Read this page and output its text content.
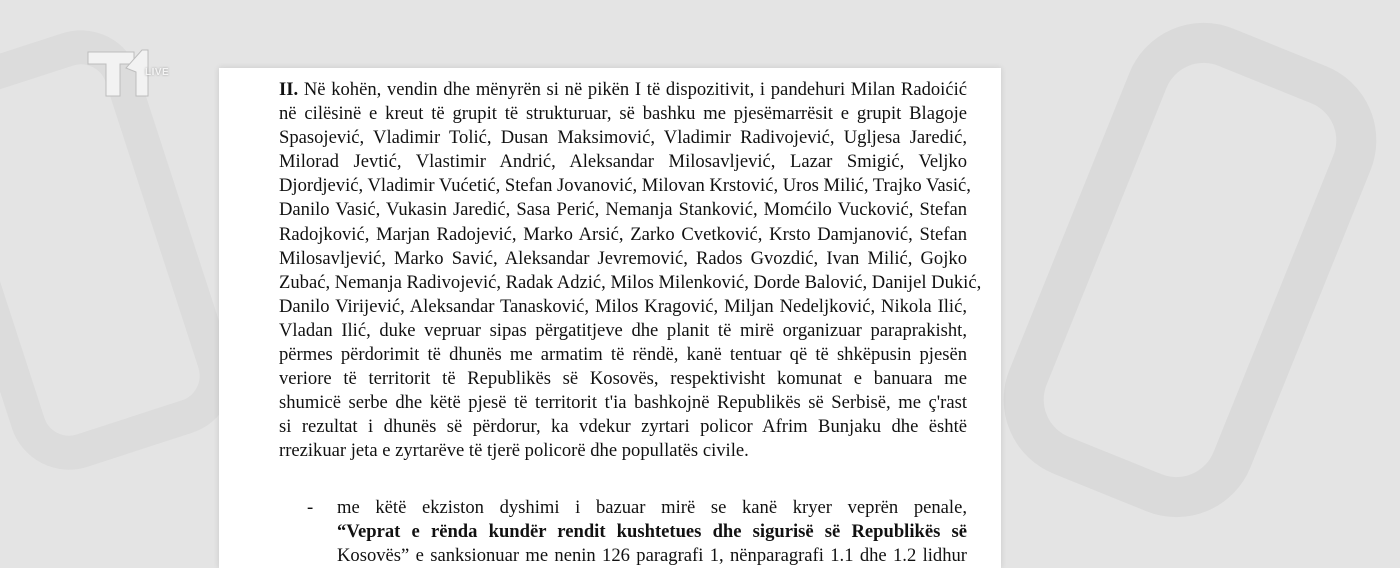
LIVE
II. Në kohën, vendin dhe mënyrën si në pikën I të dispozitivit, i pandehuri Milan Radoićić
në cilësinë e kreut të grupit të strukturuar, së bashku me pjesëmarrësit e grupit Blagoje
Spasojević, Vladimir Tolić, Dusan Maksimović, Vladimir Radivojević, Ugljesa Jaredić,
Milorad Jevtić, Vlastimir Andrić, Aleksandar Milosavljević, Lazar Smigić, Veljko
Djordjević, Vladimir Vućetić, Stefan Jovanović, Milovan Krstović, Uros Milić, Trajko Vasić,
Danilo Vasić, Vukasin Jaredić, Sasa Perić, Nemanja Stanković, Momćilo Vucković, Stefan
Radojković, Marjan Radojević, Marko Arsić, Zarko Cvetković, Krsto Damjanović, Stefan
Milosavljević, Marko Savić, Aleksandar Jevremović, Rados Gvozdić, Ivan Milić, Gojko
Zubać, Nemanja Radivojević, Radak Adzić, Milos Milenković, Dorde Balović, Danijel Dukić,
Danilo Virijević, Aleksandar Tanasković, Milos Kragović, Miljan Nedeljković, Nikola Ilić,
Vladan Ilić, duke vepruar sipas përgatitjeve dhe planit të mirë organizuar paraprakisht,
përmes përdorimit të dhunës me armatim të rëndë, kanë tentuar që të shkëpusin pjesën
veriore të territorit të Republikës së Kosovës, respektivisht komunat e banuara me
shumicë serbe dhe këtë pjesë të territorit t'ia bashkojnë Republikës së Serbisë, me ç'rast
si rezultat i dhunës së përdorur, ka vdekur zyrtari policor Afrim Bunjaku dhe është
rrezikuar jeta e zyrtarëve të tjerë policorë dhe popullatës civile.
- me këtë ekziston dyshimi i bazuar mirë se kanë kryer veprën penale,
“Veprat e rënda kundër rendit kushtetues dhe sigurisë së Republikës së
Kosovës” e sanksionuar me nenin 126 paragrafi 1, nënparagrafi 1.1 dhe 1.2 lidhur
